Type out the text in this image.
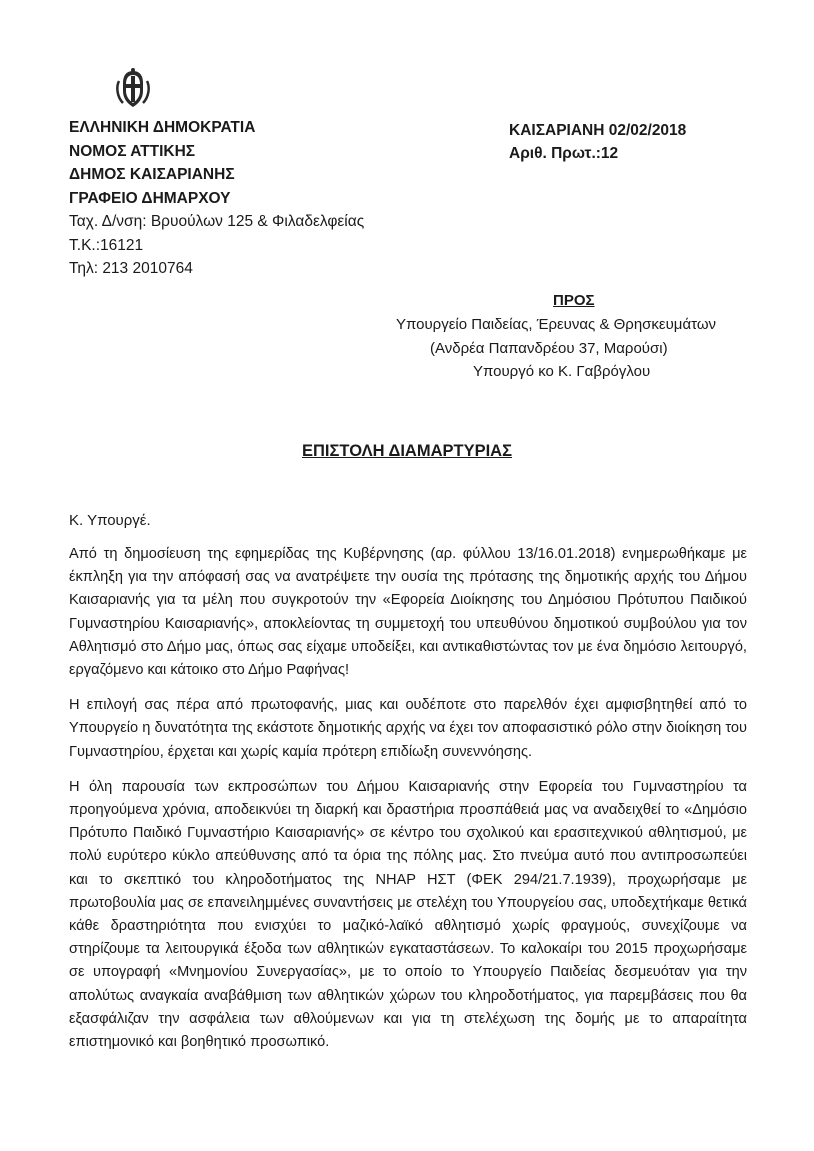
ΕΛΛΗΝΙΚΗ ΔΗΜΟΚΡΑΤΙΑ
ΝΟΜΟΣ ΑΤΤΙΚΗΣ
ΔΗΜΟΣ ΚΑΙΣΑΡΙΑΝΗΣ
ΓΡΑΦΕΙΟ ΔΗΜΑΡΧΟΥ
Ταχ. Δ/νση: Βρυούλων 125 & Φιλαδελφείας
Τ.Κ.:16121
Τηλ: 213 2010764
ΚΑΙΣΑΡΙΑΝΗ 02/02/2018
Αριθ. Πρωτ.:12
ΠΡΟΣ
Υπουργείο Παιδείας, Έρευνας & Θρησκευμάτων
(Ανδρέα Παπανδρέου 37, Μαρούσι)
Υπουργό κο Κ. Γαβρόγλου
ΕΠΙΣΤΟΛΗ ΔΙΑΜΑΡΤΥΡΙΑΣ
Κ. Υπουργέ.

Από τη δημοσίευση της εφημερίδας της Κυβέρνησης (αρ. φύλλου 13/16.01.2018) ενημερωθήκαμε με έκπληξη για την απόφασή σας να ανατρέψετε την ουσία της πρότασης της δημοτικής αρχής του Δήμου Καισαριανής για τα μέλη που συγκροτούν την «Εφορεία Διοίκησης του Δημόσιου Πρότυπου Παιδικού Γυμναστηρίου Καισαριανής», αποκλείοντας τη συμμετοχή του υπευθύνου δημοτικού συμβούλου για τον Αθλητισμό στο Δήμο μας, όπως σας είχαμε υποδείξει, και αντικαθιστώντας τον με ένα δημόσιο λειτουργό, εργαζόμενο και κάτοικο στο Δήμο Ραφήνας!

Η επιλογή σας πέρα από πρωτοφανής, μιας και ουδέποτε στο παρελθόν έχει αμφισβητηθεί από το Υπουργείο η δυνατότητα της εκάστοτε δημοτικής αρχής να έχει τον αποφασιστικό ρόλο στην διοίκηση του Γυμναστηρίου, έρχεται και χωρίς καμία πρότερη επιδίωξη συνεννόησης.

Η όλη παρουσία των εκπροσώπων του Δήμου Καισαριανής στην Εφορεία του Γυμναστηρίου τα προηγούμενα χρόνια, αποδεικνύει τη διαρκή και δραστήρια προσπάθειά μας να αναδειχθεί το «Δημόσιο Πρότυπο Παιδικό Γυμναστήριο Καισαριανής» σε κέντρο του σχολικού και ερασιτεχνικού αθλητισμού, με πολύ ευρύτερο κύκλο απεύθυνσης από τα όρια της πόλης μας. Στο πνεύμα αυτό που αντιπροσωπεύει και το σκεπτικό του κληροδοτήματος της ΝΗΑΡ ΗΣΤ (ΦΕΚ 294/21.7.1939), προχωρήσαμε με πρωτοβουλία μας σε επανειλημμένες συναντήσεις με στελέχη του Υπουργείου σας, υποδεχτήκαμε θετικά κάθε δραστηριότητα που ενισχύει το μαζικό-λαϊκό αθλητισμό χωρίς φραγμούς, συνεχίζουμε να στηρίζουμε τα λειτουργικά έξοδα των αθλητικών εγκαταστάσεων. Το καλοκαίρι του 2015 προχωρήσαμε σε υπογραφή «Μνημονίου Συνεργασίας», με το οποίο το Υπουργείο Παιδείας δεσμευόταν για την απολύτως αναγκαία αναβάθμιση των αθλητικών χώρων του κληροδοτήματος, για παρεμβάσεις που θα εξασφάλιζαν την ασφάλεια των αθλούμενων και για τη στελέχωση της δομής με το απαραίτητα επιστημονικό και βοηθητικό προσωπικό.
